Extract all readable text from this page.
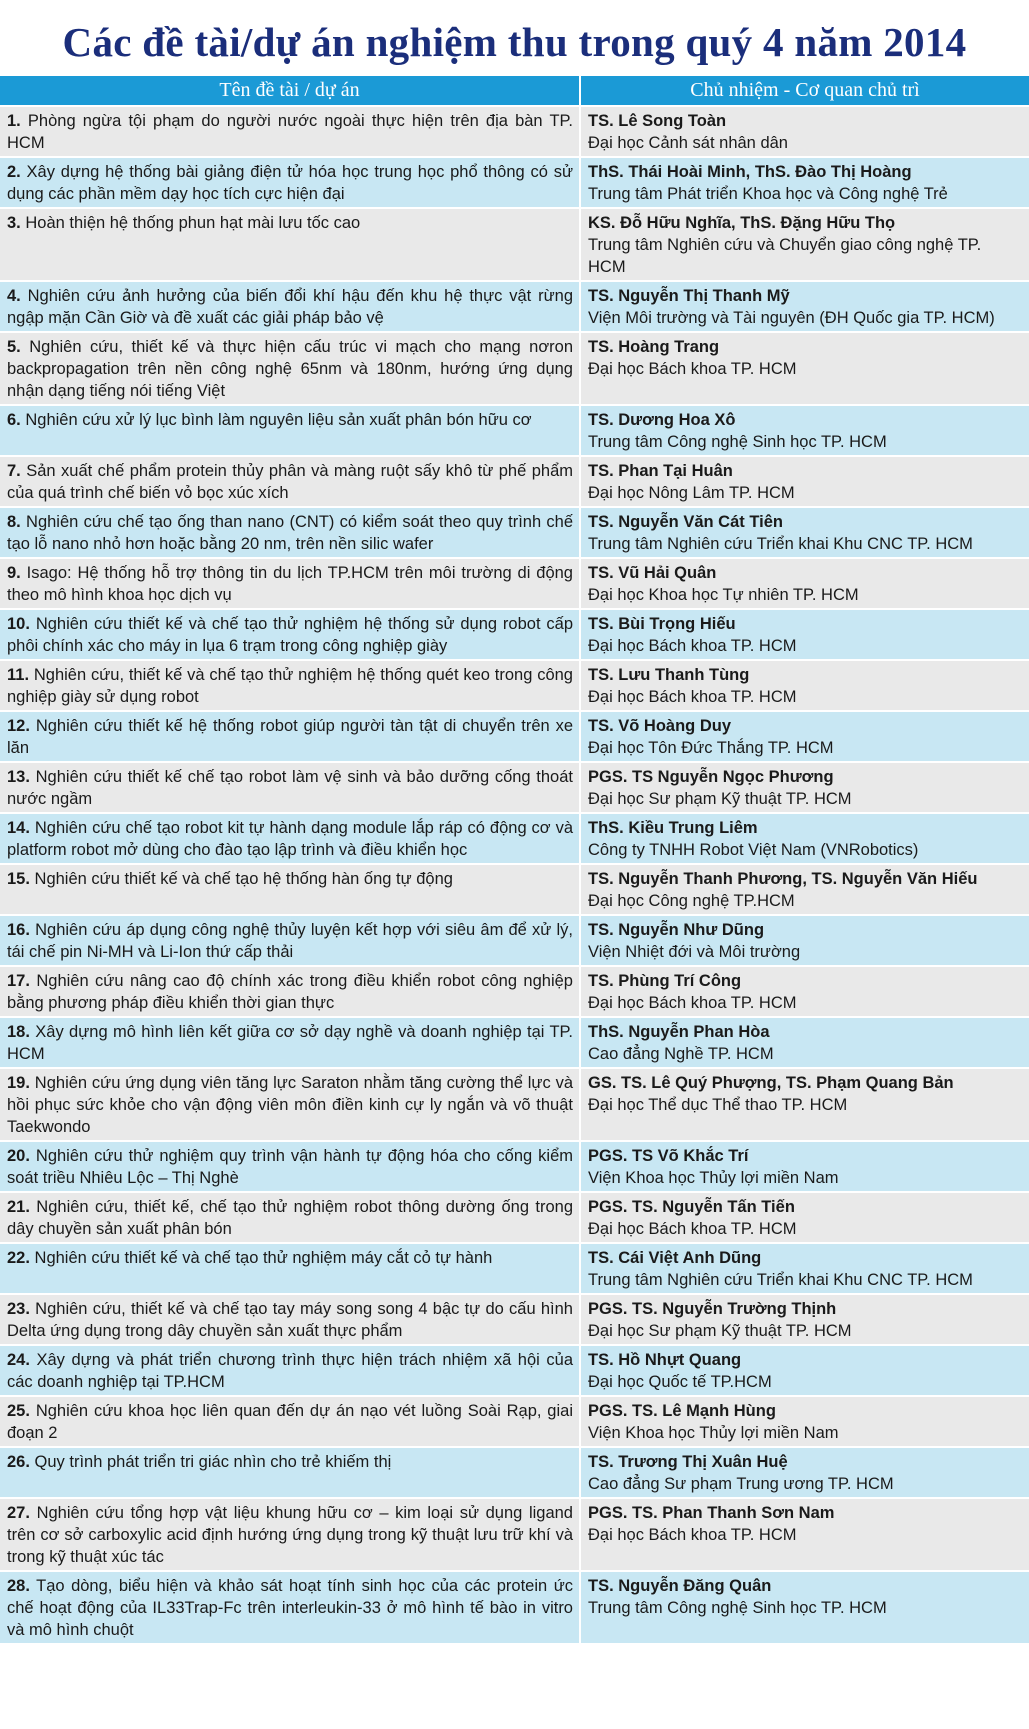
Các đề tài/dự án nghiệm thu trong quý 4 năm 2014
Tên đề tài / dự án	Chủ nhiệm - Cơ quan chủ trì
1. Phòng ngừa tội phạm do người nước ngoài thực hiện trên địa bàn TP. HCM	TS. Lê Song Toàn
Đại học Cảnh sát nhân dân

2. Xây dựng hệ thống bài giảng điện tử hóa học trung học phổ thông có sử dụng các phần mềm dạy học tích cực hiện đại	ThS. Thái Hoài Minh, ThS. Đào Thị Hoàng
Trung tâm Phát triển Khoa học và Công nghệ Trẻ

3. Hoàn thiện hệ thống phun hạt mài lưu tốc cao	KS. Đỗ Hữu Nghĩa, ThS. Đặng Hữu Thọ
Trung tâm Nghiên cứu và Chuyển giao công nghệ TP. HCM

4. Nghiên cứu ảnh hưởng của biến đổi khí hậu đến khu hệ thực vật rừng ngập mặn Cần Giờ và đề xuất các giải pháp bảo vệ	TS. Nguyễn Thị Thanh Mỹ
Viện Môi trường và Tài nguyên (ĐH Quốc gia TP. HCM)

5. Nghiên cứu, thiết kế và thực hiện cấu trúc vi mạch cho mạng nơron backpropagation trên nền công nghệ 65nm và 180nm, hướng ứng dụng nhận dạng tiếng nói tiếng Việt	TS. Hoàng Trang
Đại học Bách khoa TP. HCM

6. Nghiên cứu xử lý lục bình làm nguyên liệu sản xuất phân bón hữu cơ	TS. Dương Hoa Xô
Trung tâm Công nghệ Sinh học TP. HCM

7. Sản xuất chế phẩm protein thủy phân và màng ruột sấy khô từ phế phẩm của quá trình chế biến vỏ bọc xúc xích	TS. Phan Tại Huân
Đại học Nông Lâm TP. HCM

8. Nghiên cứu chế tạo ống than nano (CNT) có kiểm soát theo quy trình chế tạo lỗ nano nhỏ hơn hoặc bằng 20 nm, trên nền silic wafer	TS. Nguyễn Văn Cát Tiên
Trung tâm Nghiên cứu Triển khai Khu CNC TP. HCM

9. Isago: Hệ thống hỗ trợ thông tin du lịch TP.HCM trên môi trường di động theo mô hình khoa học dịch vụ	TS. Vũ Hải Quân
Đại học Khoa học Tự nhiên TP. HCM

10. Nghiên cứu thiết kế và chế tạo thử nghiệm hệ thống sử dụng robot cấp phôi chính xác cho máy in lụa 6 trạm trong công nghiệp giày	TS. Bùi Trọng Hiếu
Đại học Bách khoa TP. HCM

11. Nghiên cứu, thiết kế và chế tạo thử nghiệm hệ thống quét keo trong công nghiệp giày sử dụng robot	TS. Lưu Thanh Tùng
Đại học Bách khoa TP. HCM

12. Nghiên cứu thiết kế hệ thống robot giúp người tàn tật di chuyển trên xe lăn	TS. Võ Hoàng Duy
Đại học Tôn Đức Thắng TP. HCM

13. Nghiên cứu thiết kế chế tạo robot làm vệ sinh và bảo dưỡng cống thoát nước ngầm	PGS. TS Nguyễn Ngọc Phương
Đại học Sư phạm Kỹ thuật TP. HCM

14. Nghiên cứu chế tạo robot kit tự hành dạng module lắp ráp có động cơ và platform robot mở dùng cho đào tạo lập trình và điều khiển học	ThS. Kiều Trung Liêm
Công ty TNHH Robot Việt Nam (VNRobotics)

15. Nghiên cứu thiết kế và chế tạo hệ thống hàn ống tự động	TS. Nguyễn Thanh Phương, TS. Nguyễn Văn Hiếu
Đại học Công nghệ TP.HCM

16. Nghiên cứu áp dụng công nghệ thủy luyện kết hợp với siêu âm để xử lý, tái chế pin Ni-MH và Li-Ion thứ cấp thải	TS. Nguyễn Như Dũng
Viện Nhiệt đới và Môi trường

17. Nghiên cứu nâng cao độ chính xác trong điều khiển robot công nghiệp bằng phương pháp điều khiển thời gian thực	TS. Phùng Trí Công
Đại học Bách khoa TP. HCM

18. Xây dựng mô hình liên kết giữa cơ sở dạy nghề và doanh nghiệp tại TP. HCM	ThS. Nguyễn Phan Hòa
Cao đẳng Nghề TP. HCM

19. Nghiên cứu ứng dụng viên tăng lực Saraton nhằm tăng cường thể lực và hồi phục sức khỏe cho vận động viên môn điền kinh cự ly ngắn và võ thuật Taekwondo	GS. TS. Lê Quý Phượng, TS. Phạm Quang Bản
Đại học Thể dục Thể thao TP. HCM

20. Nghiên cứu thử nghiệm quy trình vận hành tự động hóa cho cống kiểm soát triều Nhiêu Lộc – Thị Nghè	PGS. TS Võ Khắc Trí
Viện Khoa học Thủy lợi miền Nam

21. Nghiên cứu, thiết kế, chế tạo thử nghiệm robot thông dường ống trong dây chuyền sản xuất phân bón	PGS. TS. Nguyễn Tấn Tiến
Đại học Bách khoa TP. HCM

22. Nghiên cứu thiết kế và chế tạo thử nghiệm máy cắt cỏ tự hành	TS. Cái Việt Anh Dũng
Trung tâm Nghiên cứu Triển khai Khu CNC TP. HCM

23. Nghiên cứu, thiết kế và chế tạo tay máy song song 4 bậc tự do cấu hình Delta ứng dụng trong dây chuyền sản xuất thực phẩm	PGS. TS. Nguyễn Trường Thịnh
Đại học Sư phạm Kỹ thuật TP. HCM

24. Xây dựng và phát triển chương trình thực hiện trách nhiệm xã hội của các doanh nghiệp tại TP.HCM	TS. Hồ Nhựt Quang
Đại học Quốc tế TP.HCM

25. Nghiên cứu khoa học liên quan đến dự án nạo vét luồng Soài Rạp, giai đoạn 2	PGS. TS. Lê Mạnh Hùng
Viện Khoa học Thủy lợi miền Nam

26. Quy trình phát triển tri giác nhìn cho trẻ khiếm thị	TS. Trương Thị Xuân Huệ
Cao đẳng Sư phạm Trung ương TP. HCM

27. Nghiên cứu tổng hợp vật liệu khung hữu cơ – kim loại sử dụng ligand trên cơ sở carboxylic acid định hướng ứng dụng trong kỹ thuật lưu trữ khí và trong kỹ thuật xúc tác	PGS. TS. Phan Thanh Sơn Nam
Đại học Bách khoa TP. HCM

28. Tạo dòng, biểu hiện và khảo sát hoạt tính sinh học của các protein ức chế hoạt động của IL33Trap-Fc trên interleukin-33 ở mô hình tế bào in vitro và mô hình chuột	TS. Nguyễn Đăng Quân
Trung tâm Công nghệ Sinh học TP. HCM
